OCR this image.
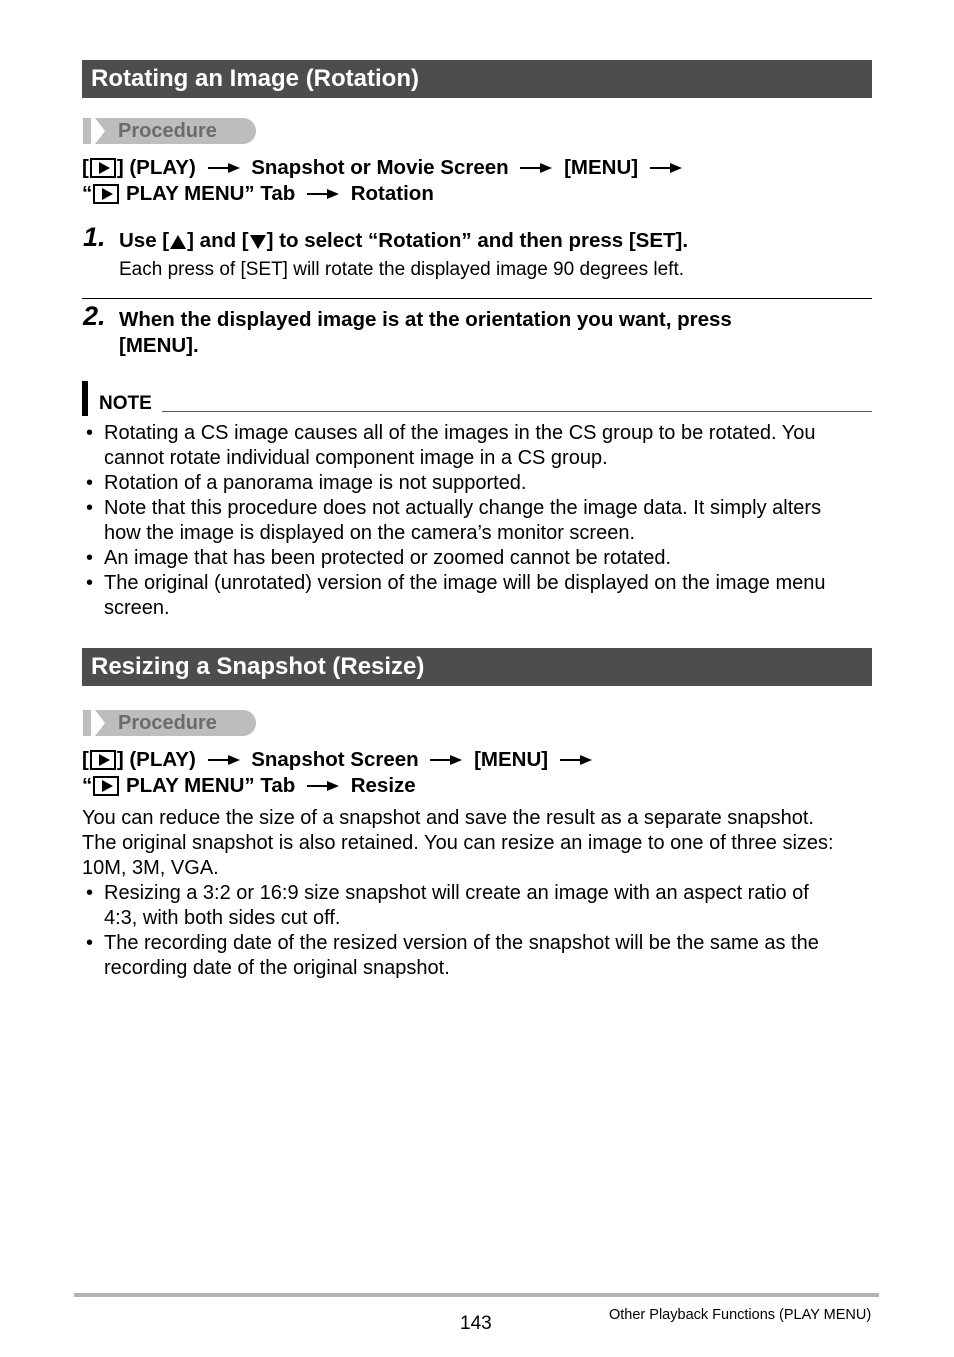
Rotating an Image (Rotation)
Procedure
[ ] (PLAY)	Snapshot or Movie Screen	[MENU]
“ PLAY MENU” Tab	Rotation
1. Use [ ] and [ ] to select “Rotation” and then press [SET].
Each press of [SET] will rotate the displayed image 90 degrees left.
2. When the displayed image is at the orientation you want, press
[MENU].
NOTE
• Rotating a CS image causes all of the images in the CS group to be rotated. You
cannot rotate individual component image in a CS group.
• Rotation of a panorama image is not supported.
• Note that this procedure does not actually change the image data. It simply alters
how the image is displayed on the camera’s monitor screen.
• An image that has been protected or zoomed cannot be rotated.
• The original (unrotated) version of the image will be displayed on the image menu
screen.
Resizing a Snapshot (Resize)
Procedure
[ ] (PLAY)	Snapshot Screen	[MENU]
“ PLAY MENU” Tab	Resize
You can reduce the size of a snapshot and save the result as a separate snapshot.
The original snapshot is also retained. You can resize an image to one of three sizes:
10M, 3M, VGA.
• Resizing a 3:2 or 16:9 size snapshot will create an image with an aspect ratio of
4:3, with both sides cut off.
• The recording date of the resized version of the snapshot will be the same as the
recording date of the original snapshot.
143	Other Playback Functions (PLAY MENU)
